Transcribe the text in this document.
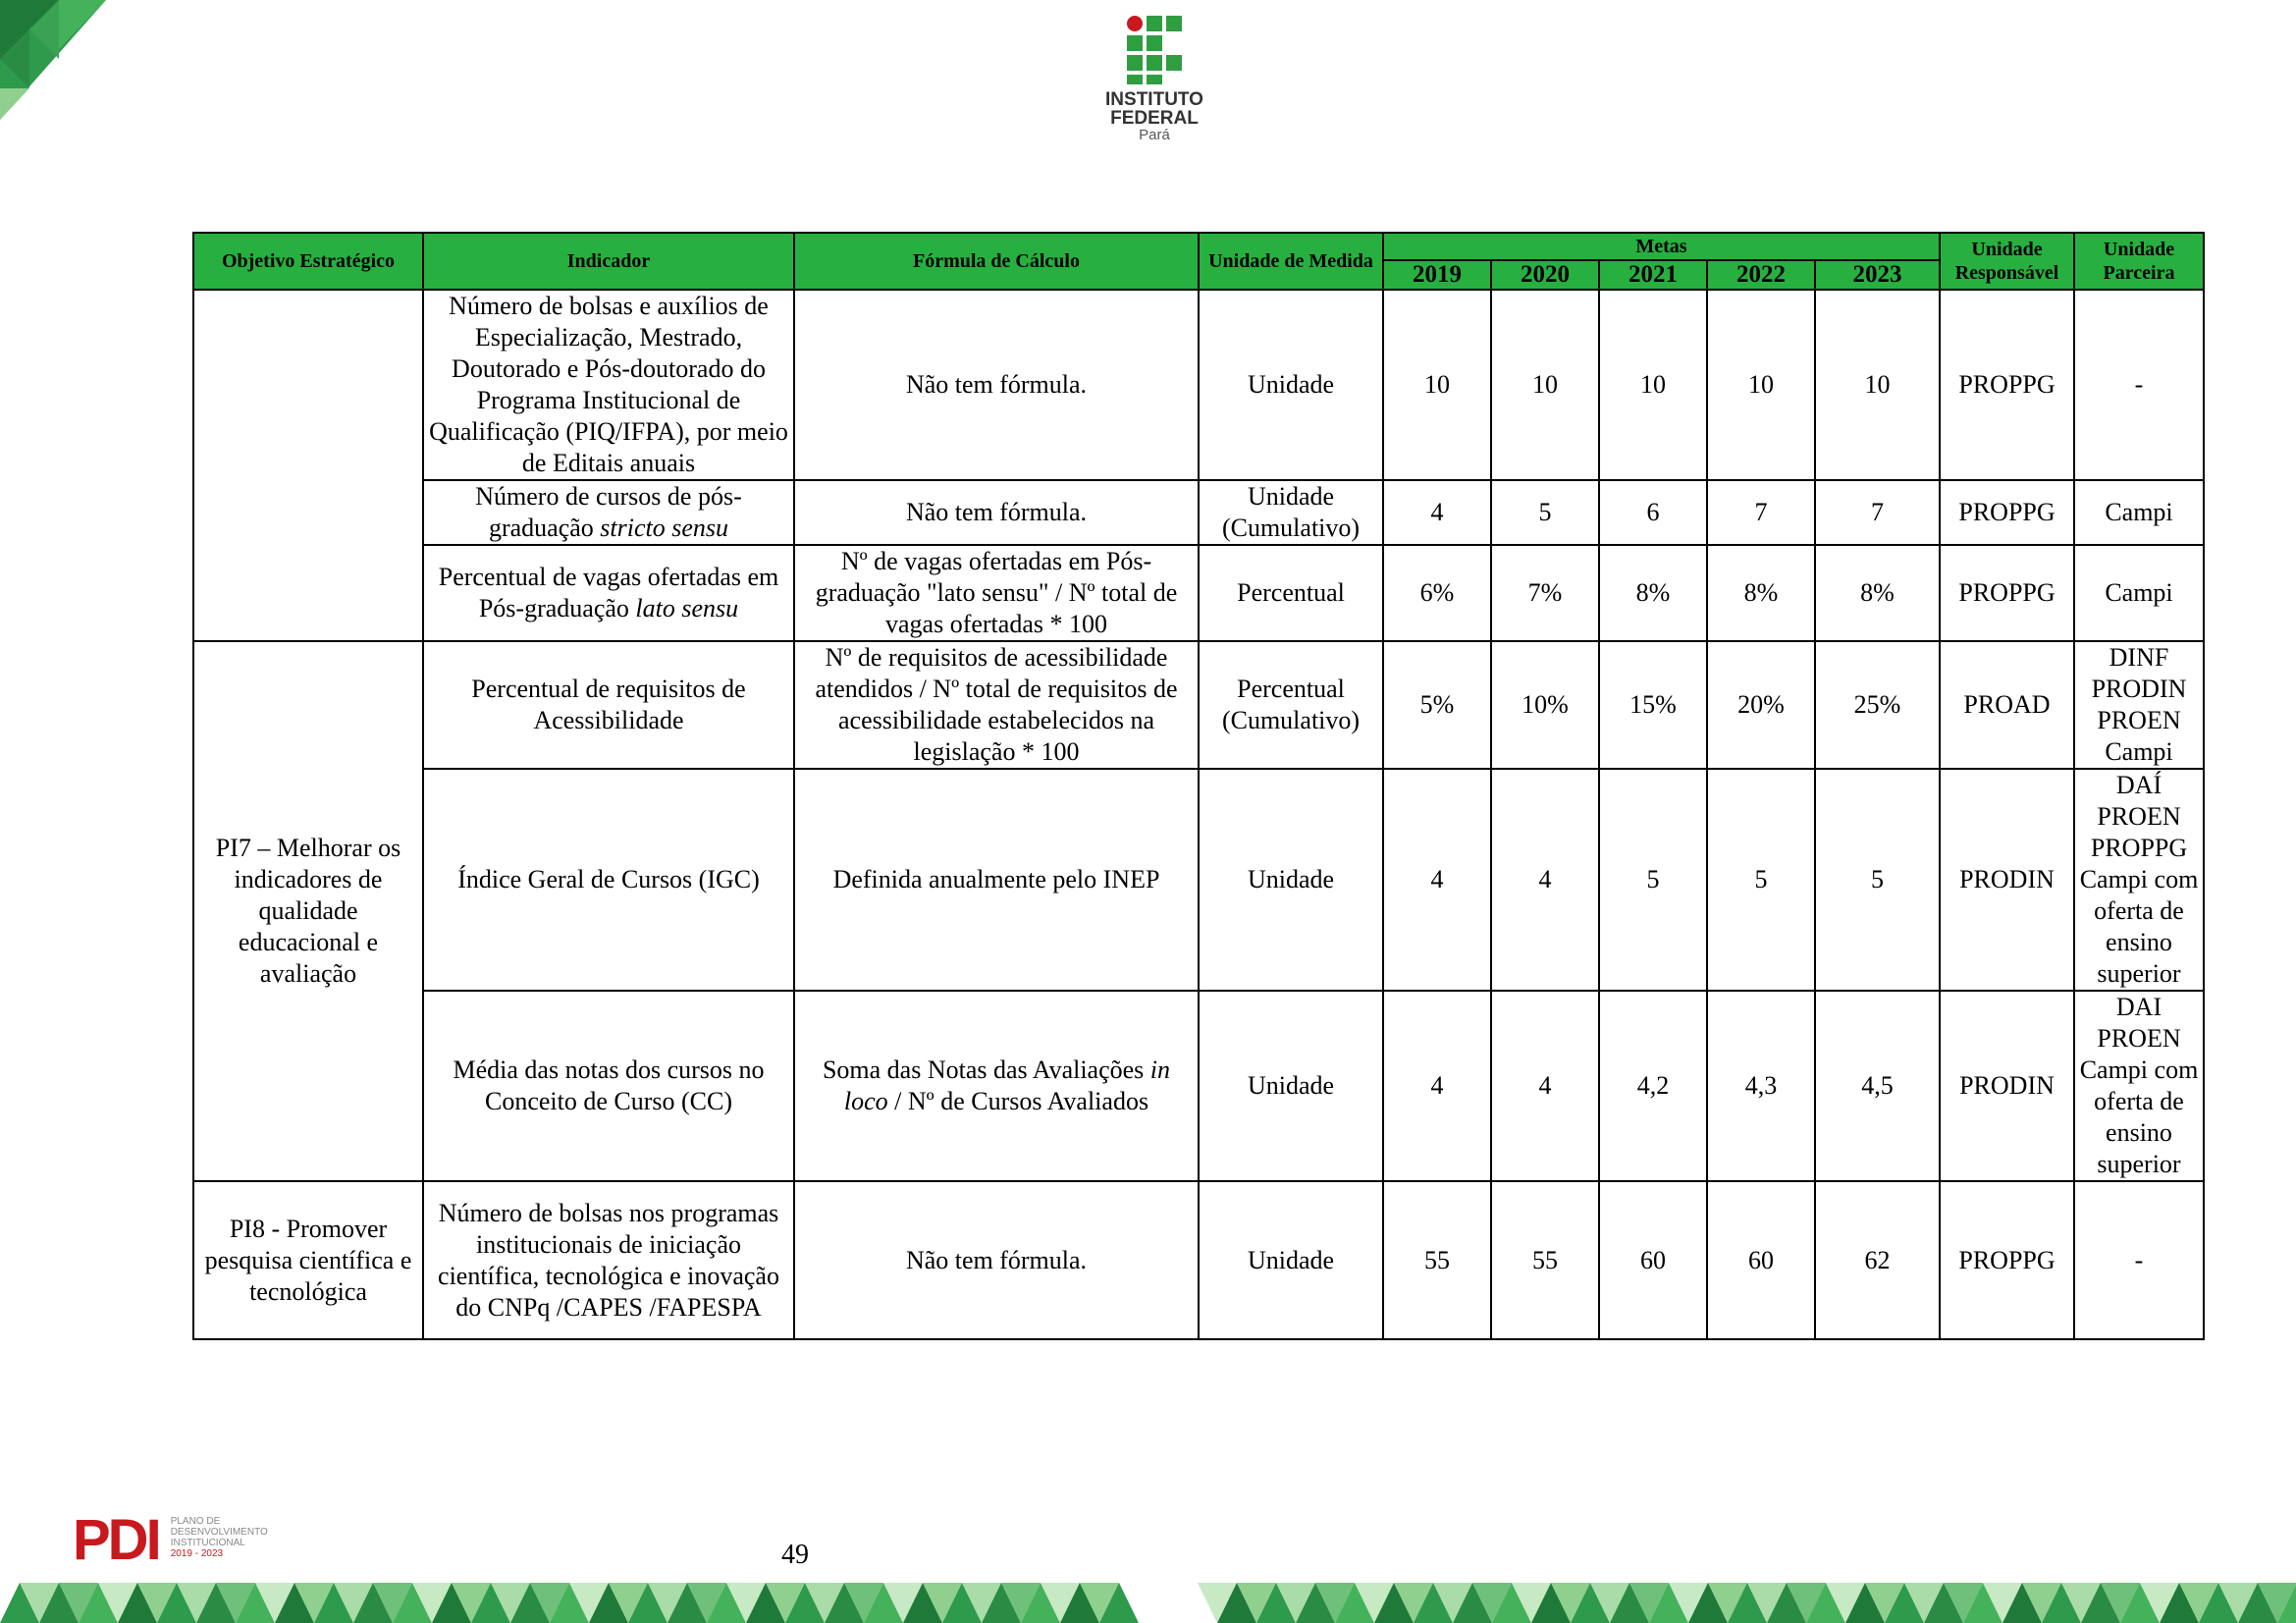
INSTITUTO
FEDERAL
Pará
Objetivo Estratégico	Indicador	Fórmula de Cálculo	Unidade de Medida	Metas					Unidade Responsável	Unidade Parceira
				2019	2020	2021	2022	2023		
	Número de bolsas e auxílios de Especialização, Mestrado, Doutorado e Pós-doutorado do Programa Institucional de Qualificação (PIQ/IFPA), por meio de Editais anuais	Não tem fórmula.	Unidade	10	10	10	10	10	PROPPG	-
	Número de cursos de pós-graduação stricto sensu	Não tem fórmula.	Unidade (Cumulativo)	4	5	6	7	7	PROPPG	Campi
	Percentual de vagas ofertadas em Pós-graduação lato sensu	Nº de vagas ofertadas em Pós-graduação "lato sensu" / Nº total de vagas ofertadas * 100	Percentual	6%	7%	8%	8%	8%	PROPPG	Campi
PI7 – Melhorar os indicadores de qualidade educacional e avaliação	Percentual de requisitos de Acessibilidade	Nº de requisitos de acessibilidade atendidos / Nº total de requisitos de acessibilidade estabelecidos na legislação * 100	Percentual (Cumulativo)	5%	10%	15%	20%	25%	PROAD	DINF PRODIN PROEN Campi
	Índice Geral de Cursos (IGC)	Definida anualmente pelo INEP	Unidade	4	4	5	5	5	PRODIN	DAÍ PROEN PROPPG Campi com oferta de ensino superior
	Média das notas dos cursos no Conceito de Curso (CC)	Soma das Notas das Avaliações in loco / Nº de Cursos Avaliados	Unidade	4	4	4,2	4,3	4,5	PRODIN	DAI PROEN Campi com oferta de ensino superior
PI8 - Promover pesquisa científica e tecnológica	Número de bolsas nos programas institucionais de iniciação científica, tecnológica e inovação do CNPq /CAPES /FAPESPA	Não tem fórmula.	Unidade	55	55	60	60	62	PROPPG	-
PDI PLANO DE
DESENVOLVIMENTO
INSTITUCIONAL
2019 - 2023	49
